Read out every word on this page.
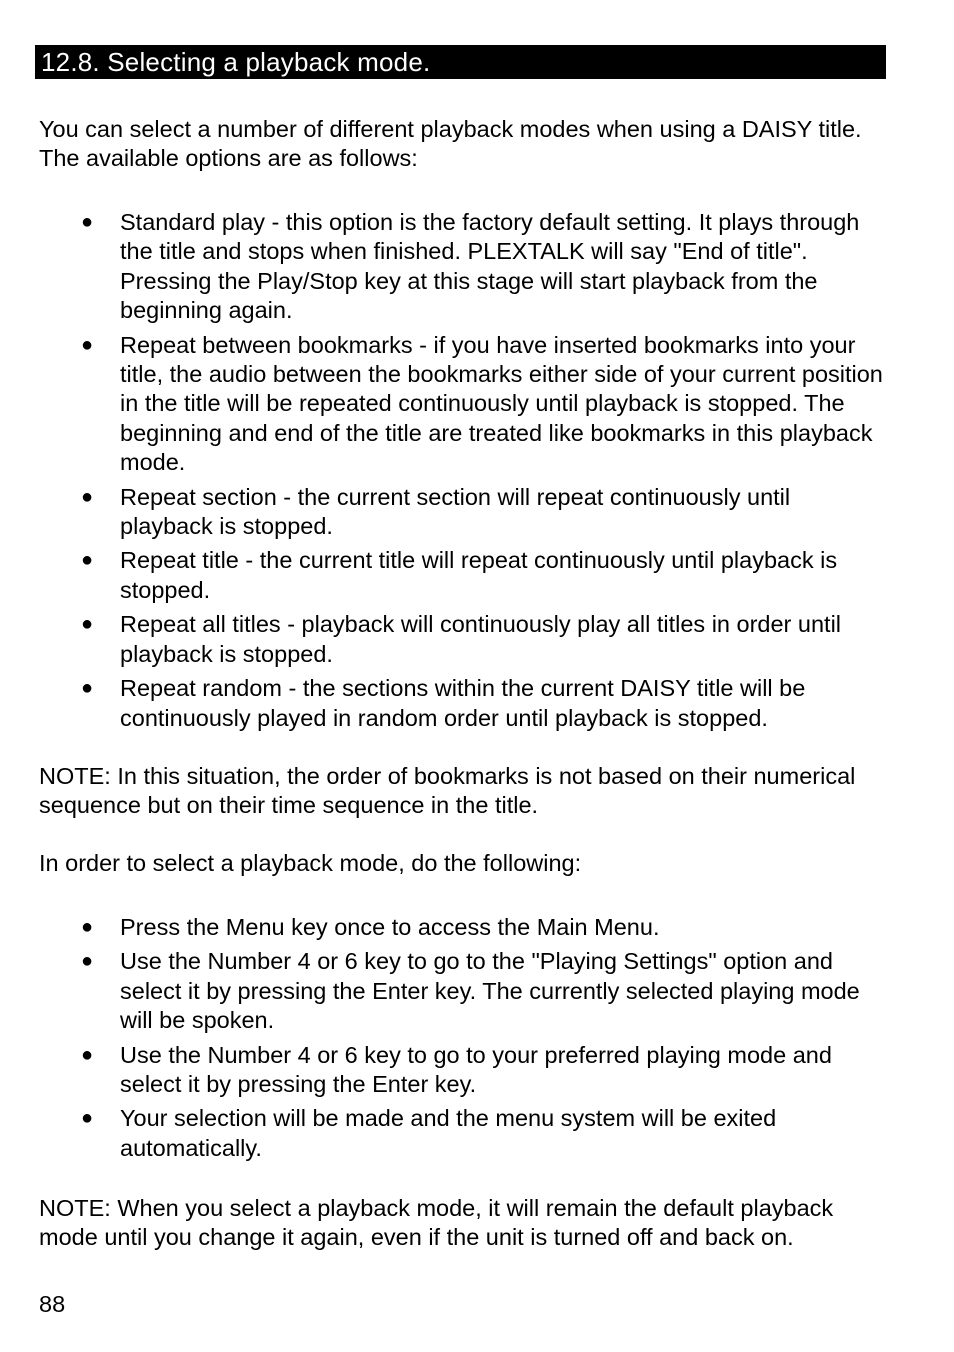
12.8. Selecting a playback mode.

You can select a number of different playback modes when using a DAISY title. The available options are as follows:

● Standard play - this option is the factory default setting. It plays through the title and stops when finished. PLEXTALK will say "End of title". Pressing the Play/Stop key at this stage will start playback from the beginning again.
● Repeat between bookmarks - if you have inserted bookmarks into your title, the audio between the bookmarks either side of your current position in the title will be repeated continuously until playback is stopped. The beginning and end of the title are treated like bookmarks in this playback mode.
● Repeat section - the current section will repeat continuously until playback is stopped.
● Repeat title - the current title will repeat continuously until playback is stopped.
● Repeat all titles - playback will continuously play all titles in order until playback is stopped.
● Repeat random - the sections within the current DAISY title will be continuously played in random order until playback is stopped.

NOTE: In this situation, the order of bookmarks is not based on their numerical sequence but on their time sequence in the title.

In order to select a playback mode, do the following:

● Press the Menu key once to access the Main Menu.
● Use the Number 4 or 6 key to go to the "Playing Settings" option and select it by pressing the Enter key. The currently selected playing mode will be spoken.
● Use the Number 4 or 6 key to go to your preferred playing mode and select it by pressing the Enter key.
● Your selection will be made and the menu system will be exited automatically.

NOTE: When you select a playback mode, it will remain the default playback mode until you change it again, even if the unit is turned off and back on.

88
